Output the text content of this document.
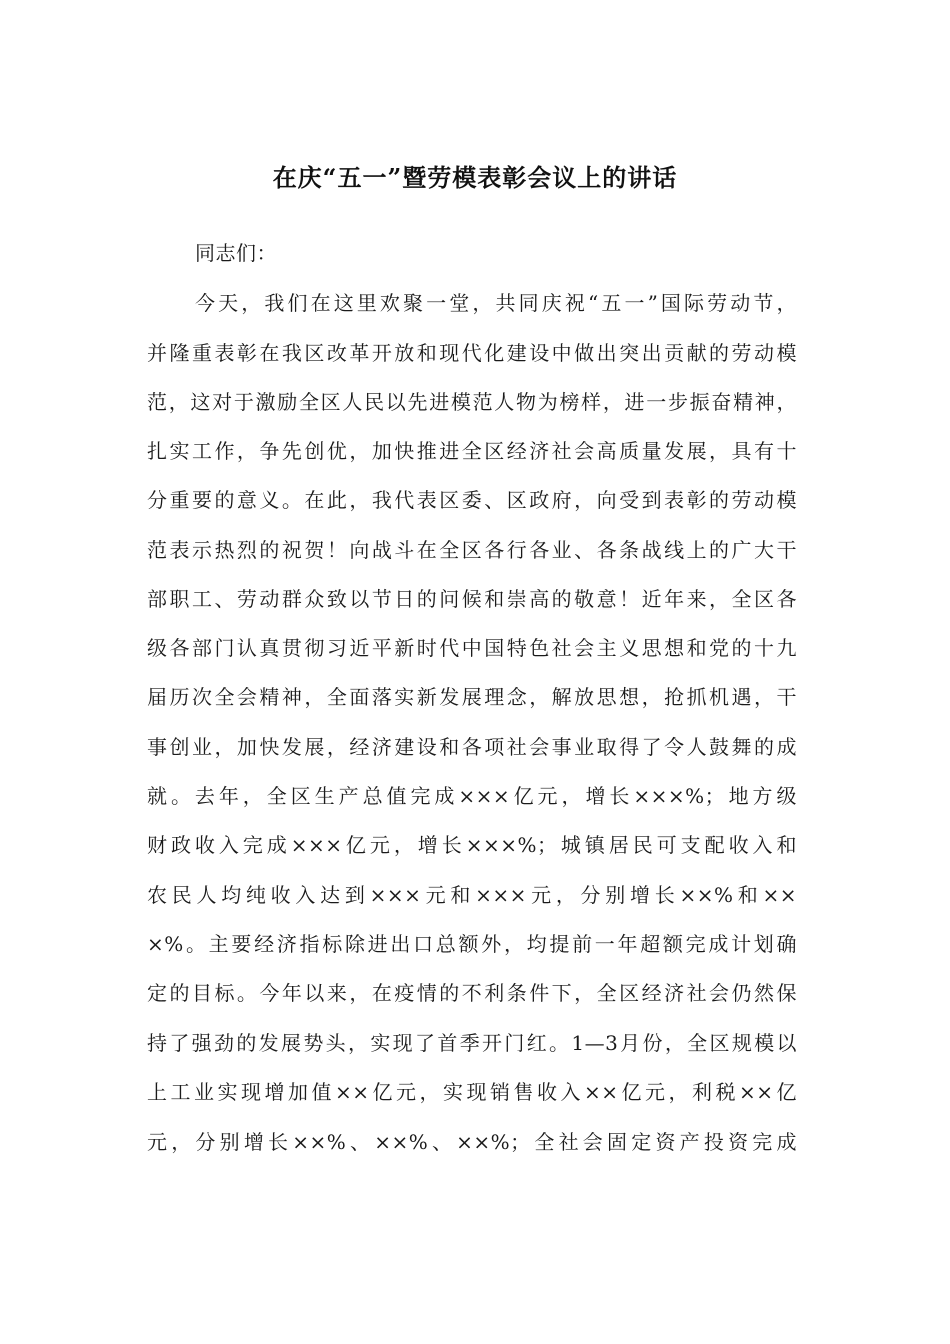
在庆“五一”暨劳模表彰会议上的讲话
同志们：
今天，我们在这里欢聚一堂，共同庆祝“五一”国际劳动节，
并隆重表彰在我区改革开放和现代化建设中做出突出贡献的劳动模
范，这对于激励全区人民以先进模范人物为榜样，进一步振奋精神，
扎实工作，争先创优，加快推进全区经济社会高质量发展，具有十
分重要的意义。在此，我代表区委、区政府，向受到表彰的劳动模
范表示热烈的祝贺！向战斗在全区各行各业、各条战线上的广大干
部职工、劳动群众致以节日的问候和崇高的敬意！近年来，全区各
级各部门认真贯彻习近平新时代中国特色社会主义思想和党的十九
届历次全会精神，全面落实新发展理念，解放思想，抢抓机遇，干
事创业，加快发展，经济建设和各项社会事业取得了令人鼓舞的成
就。去年，全区生产总值完成×××亿元，增长×××%；地方级
财政收入完成×××亿元，增长×××%；城镇居民可支配收入和
农民人均纯收入达到×××元和×××元，分别增长××%和××
×%。主要经济指标除进出口总额外，均提前一年超额完成计划确
定的目标。今年以来，在疫情的不利条件下，全区经济社会仍然保
持了强劲的发展势头，实现了首季开门红。1—3月份，全区规模以
上工业实现增加值××亿元，实现销售收入××亿元，利税××亿
元，分别增长××%、××%、××%；全社会固定资产投资完成
